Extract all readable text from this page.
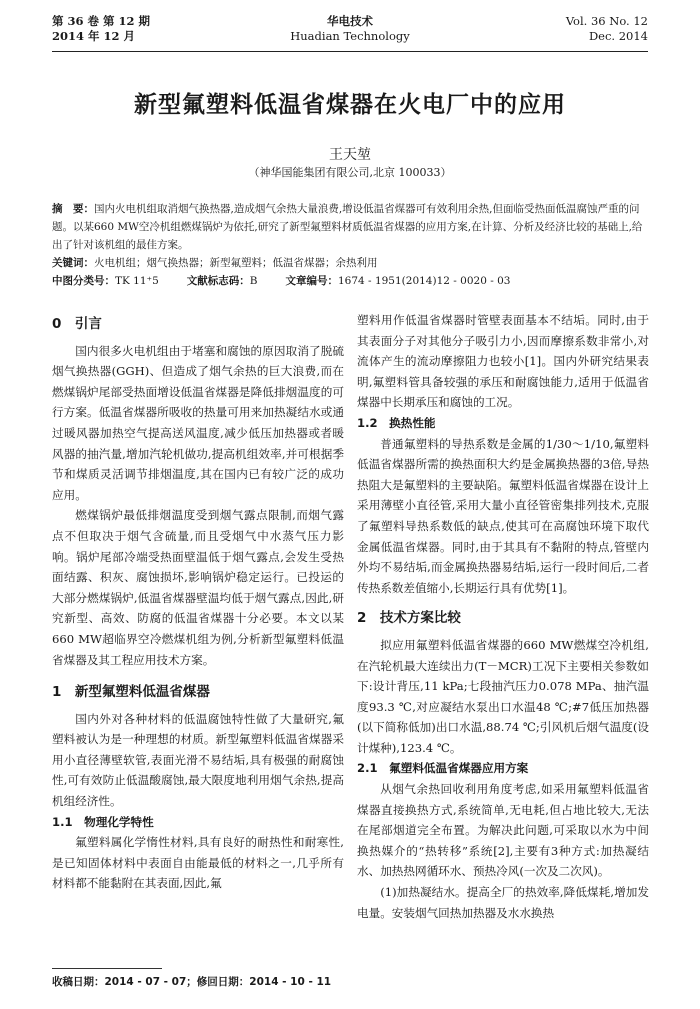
第 36 卷 第 12 期
2014 年 12 月
华电技术
Huadian Technology
Vol. 36 No. 12
Dec. 2014
新型氟塑料低温省煤器在火电厂中的应用
王天堃
（神华国能集团有限公司,北京 100033）
摘　要：国内火电机组取消烟气换热器,造成烟气余热大量浪费,增设低温省煤器可有效利用余热,但面临受热面低温腐蚀严重的问题。以某660 MW空冷机组燃煤锅炉为依托,研究了新型氟塑料材质低温省煤器的应用方案,在计算、分析及经济比较的基础上,给出了针对该机组的最佳方案。
关键词：火电机组；烟气换热器；新型氟塑料；低温省煤器；余热利用
中图分类号：TK 11⁺5	文献标志码：B	文章编号：1674 - 1951(2014)12 - 0020 - 03
0　引言

国内很多火电机组由于堵塞和腐蚀的原因取消了脱硫烟气换热器(GGH)、但造成了烟气余热的巨大浪费,而在燃煤锅炉尾部受热面增设低温省煤器是降低排烟温度的可行方案。低温省煤器所吸收的热量可用来加热凝结水或通过暖风器加热空气提高送风温度,减少低压加热器或者暖风器的抽汽量,增加汽轮机做功,提高机组效率,并可根据季节和煤质灵活调节排烟温度,其在国内已有较广泛的成功应用。

燃煤锅炉最低排烟温度受到烟气露点限制,而烟气露点不但取决于烟气含硫量,而且受烟气中水蒸气压力影响。锅炉尾部冷端受热面壁温低于烟气露点,会发生受热面结露、积灰、腐蚀损坏,影响锅炉稳定运行。已投运的大部分燃煤锅炉,低温省煤器壁温均低于烟气露点,因此,研究新型、高效、防腐的低温省煤器十分必要。本文以某660 MW超临界空冷燃煤机组为例,分析新型氟塑料低温省煤器及其工程应用技术方案。

1　新型氟塑料低温省煤器

国内外对各种材料的低温腐蚀特性做了大量研究,氟塑料被认为是一种理想的材质。新型氟塑料低温省煤器采用小直径薄壁软管,表面光滑不易结垢,具有极强的耐腐蚀性,可有效防止低温酸腐蚀,最大限度地利用烟气余热,提高机组经济性。

1.1　物理化学特性

氟塑料属化学惰性材料,具有良好的耐热性和耐寒性,是已知固体材料中表面自由能最低的材料之一,几乎所有材料都不能黏附在其表面,因此,氟

塑料用作低温省煤器时管壁表面基本不结垢。同时,由于其表面分子对其他分子吸引力小,因而摩擦系数非常小,对流体产生的流动摩擦阻力也较小[1]。国内外研究结果表明,氟塑料管具备较强的承压和耐腐蚀能力,适用于低温省煤器中长期承压和腐蚀的工况。

1.2　换热性能

普通氟塑料的导热系数是金属的1/30～1/10,氟塑料低温省煤器所需的换热面积大约是金属换热器的3倍,导热热阻大是氟塑料的主要缺陷。氟塑料低温省煤器在设计上采用薄壁小直径管,采用大量小直径管密集排列技术,克服了氟塑料导热系数低的缺点,使其可在高腐蚀环境下取代金属低温省煤器。同时,由于其具有不黏附的特点,管壁内外均不易结垢,而金属换热器易结垢,运行一段时间后,二者传热系数差值缩小,长期运行具有优势[1]。

2　技术方案比较

拟应用氟塑料低温省煤器的660 MW燃煤空冷机组,在汽轮机最大连续出力(T－MCR)工况下主要相关参数如下:设计背压,11 kPa;七段抽汽压力0.078 MPa、抽汽温度93.3 ℃,对应凝结水泵出口水温48 ℃;#7低压加热器(以下简称低加)出口水温,88.74 ℃;引风机后烟气温度(设计煤种),123.4 ℃。

2.1　氟塑料低温省煤器应用方案

从烟气余热回收利用角度考虑,如采用氟塑料低温省煤器直接换热方式,系统简单,无电耗,但占地比较大,无法在尾部烟道完全布置。为解决此问题,可采取以水为中间换热媒介的“热转移”系统[2],主要有3种方式:加热凝结水、加热热网循环水、预热冷风(一次及二次风)。

(1)加热凝结水。提高全厂的热效率,降低煤耗,增加发电量。安装烟气回热加热器及水水换热

收稿日期：2014 - 07 - 07；修回日期：2014 - 10 - 11
